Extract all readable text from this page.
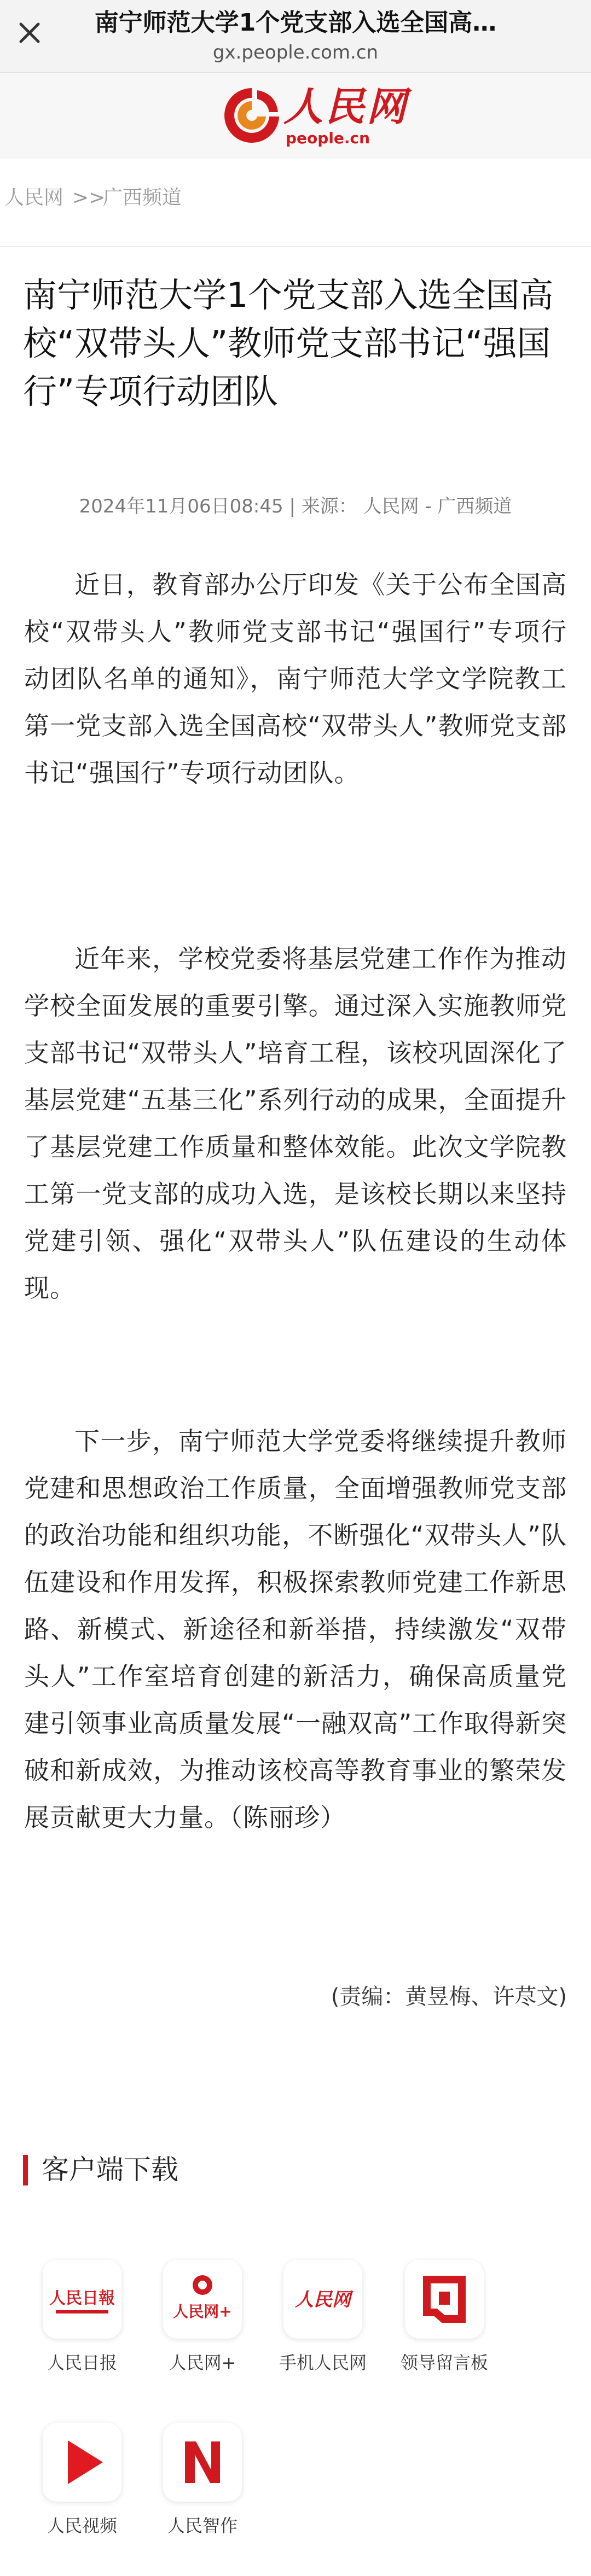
南宁师范大学1个党支部入选全国高…
gx.people.com.cn
人民网
people.cn
人民网 >>
广西频道
南宁师范大学1个党支部入选全国高校“双带头人”教师党支部书记“强国行”专项行动团队
2024年11月06日08:45 | 来源： 人民网 - 广西频道

近日，教育部办公厅印发《关于公布全国高校“双带头人”教师党支部书记“强国行”专项行动团队名单的通知》，南宁师范大学文学院教工第一党支部入选全国高校“双带头人”教师党支部书记“强国行”专项行动团队。

近年来，学校党委将基层党建工作作为推动学校全面发展的重要引擎。通过深入实施教师党支部书记“双带头人”培育工程，该校巩固深化了基层党建“五基三化”系列行动的成果，全面提升了基层党建工作质量和整体效能。此次文学院教工第一党支部的成功入选，是该校长期以来坚持党建引领、强化“双带头人”队伍建设的生动体现。

下一步，南宁师范大学党委将继续提升教师党建和思想政治工作质量，全面增强教师党支部的政治功能和组织功能，不断强化“双带头人”队伍建设和作用发挥，积极探索教师党建工作新思路、新模式、新途径和新举措，持续激发“双带头人”工作室培育创建的新活力，确保高质量党建引领事业高质量发展“一融双高”工作取得新突破和新成效，为推动该校高等教育事业的繁荣发展贡献更大力量。（陈丽珍）

(责编：黄昱梅、许荩文)
客户端下载
人民日報
人民日报
人民网+
人民网+
人民网
手机人民网	领导留言板
人民视频	人民智作
